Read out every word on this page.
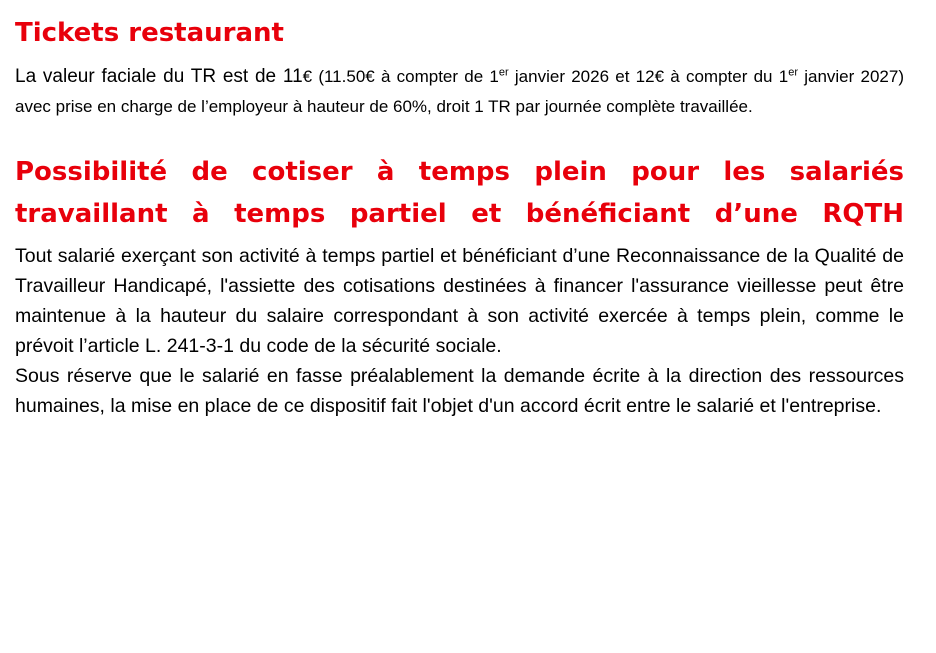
Tickets restaurant

La valeur faciale du TR est de 11€ (11.50€ à compter de 1er janvier 2026 et 12€ à compter du 1er janvier 2027) avec prise en charge de l’employeur à hauteur de 60%, droit 1 TR par journée complète travaillée.

Possibilité de cotiser à temps plein pour les salariés
travaillant à temps partiel et bénéficiant d’une RQTH
Tout salarié exerçant son activité à temps partiel et bénéficiant d’une Reconnaissance de la Qualité de Travailleur Handicapé, l'assiette des cotisations destinées à financer l'assurance vieillesse peut être maintenue à la hauteur du salaire correspondant à son activité exercée à temps plein, comme le prévoit l’article L. 241-3-1 du code de la sécurité sociale.
Sous réserve que le salarié en fasse préalablement la demande écrite à la direction des ressources humaines, la mise en place de ce dispositif fait l'objet d'un accord écrit entre le salarié et l'entreprise.
